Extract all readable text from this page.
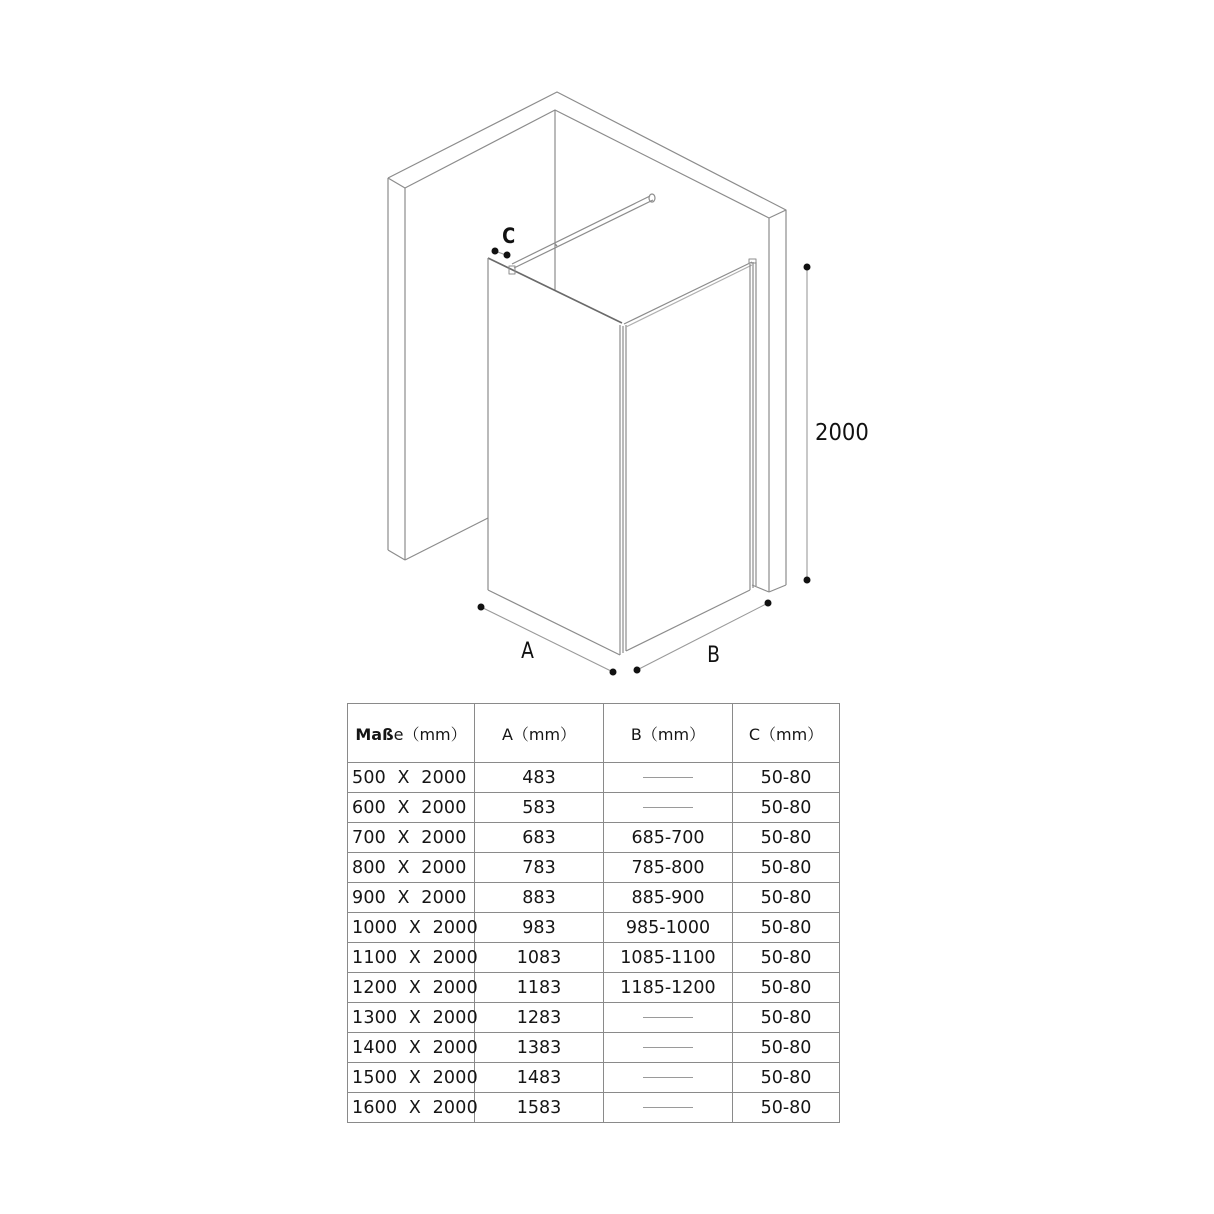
C
A	B
2000
Maße（mm）	A（mm）	B（mm）	C（mm）
500  X  2000	483		50-80
600  X  2000	583		50-80
700  X  2000	683	685-700	50-80
800  X  2000	783	785-800	50-80
900  X  2000	883	885-900	50-80
1000  X  2000	983	985-1000	50-80
1100  X  2000	1083	1085-1100	50-80
1200  X  2000	1183	1185-1200	50-80
1300  X  2000	1283		50-80
1400  X  2000	1383		50-80
1500  X  2000	1483		50-80
1600  X  2000	1583		50-80
